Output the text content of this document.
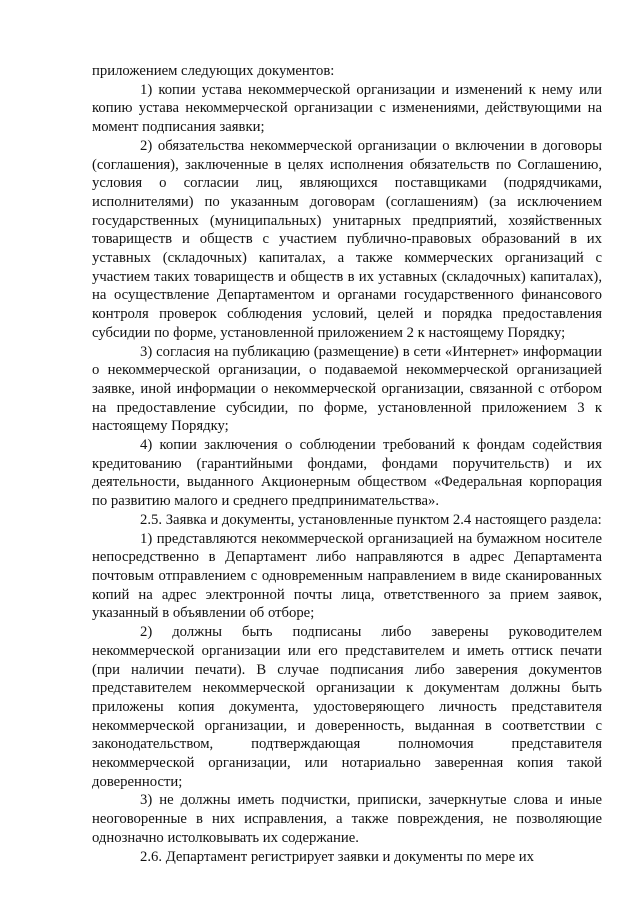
приложением следующих документов:

1) копии устава некоммерческой организации и изменений к нему или копию устава некоммерческой организации с изменениями, действующими на момент подписания заявки;

2) обязательства некоммерческой организации о включении в договоры (соглашения), заключенные в целях исполнения обязательств по Соглашению, условия о согласии лиц, являющихся поставщиками (подрядчиками, исполнителями) по указанным договорам (соглашениям) (за исключением государственных (муниципальных) унитарных предприятий, хозяйственных товариществ и обществ с участием публично-правовых образований в их уставных (складочных) капиталах, а также коммерческих организаций с участием таких товариществ и обществ в их уставных (складочных) капиталах), на осуществление Департаментом и органами государственного финансового контроля проверок соблюдения условий, целей и порядка предоставления субсидии по форме, установленной приложением 2 к настоящему Порядку;

3) согласия на публикацию (размещение) в сети «Интернет» информации о некоммерческой организации, о подаваемой некоммерческой организацией заявке, иной информации о некоммерческой организации, связанной с отбором на предоставление субсидии, по форме, установленной приложением 3 к настоящему Порядку;

4) копии заключения о соблюдении требований к фондам содействия кредитованию (гарантийными фондами, фондами поручительств) и их деятельности, выданного Акционерным обществом «Федеральная корпорация по развитию малого и среднего предпринимательства».

2.5. Заявка и документы, установленные пунктом 2.4 настоящего раздела:

1) представляются некоммерческой организацией на бумажном носителе непосредственно в Департамент либо направляются в адрес Департамента почтовым отправлением с одновременным направлением в виде сканированных копий на адрес электронной почты лица, ответственного за прием заявок, указанный в объявлении об отборе;

2) должны быть подписаны либо заверены руководителем некоммерческой организации или его представителем и иметь оттиск печати (при наличии печати). В случае подписания либо заверения документов представителем некоммерческой организации к документам должны быть приложены копия документа, удостоверяющего личность представителя некоммерческой организации, и доверенность, выданная в соответствии с законодательством, подтверждающая полномочия представителя некоммерческой организации, или нотариально заверенная копия такой доверенности;

3) не должны иметь подчистки, приписки, зачеркнутые слова и иные неоговоренные в них исправления, а также повреждения, не позволяющие однозначно истолковывать их содержание.

2.6. Департамент регистрирует заявки и документы по мере их
